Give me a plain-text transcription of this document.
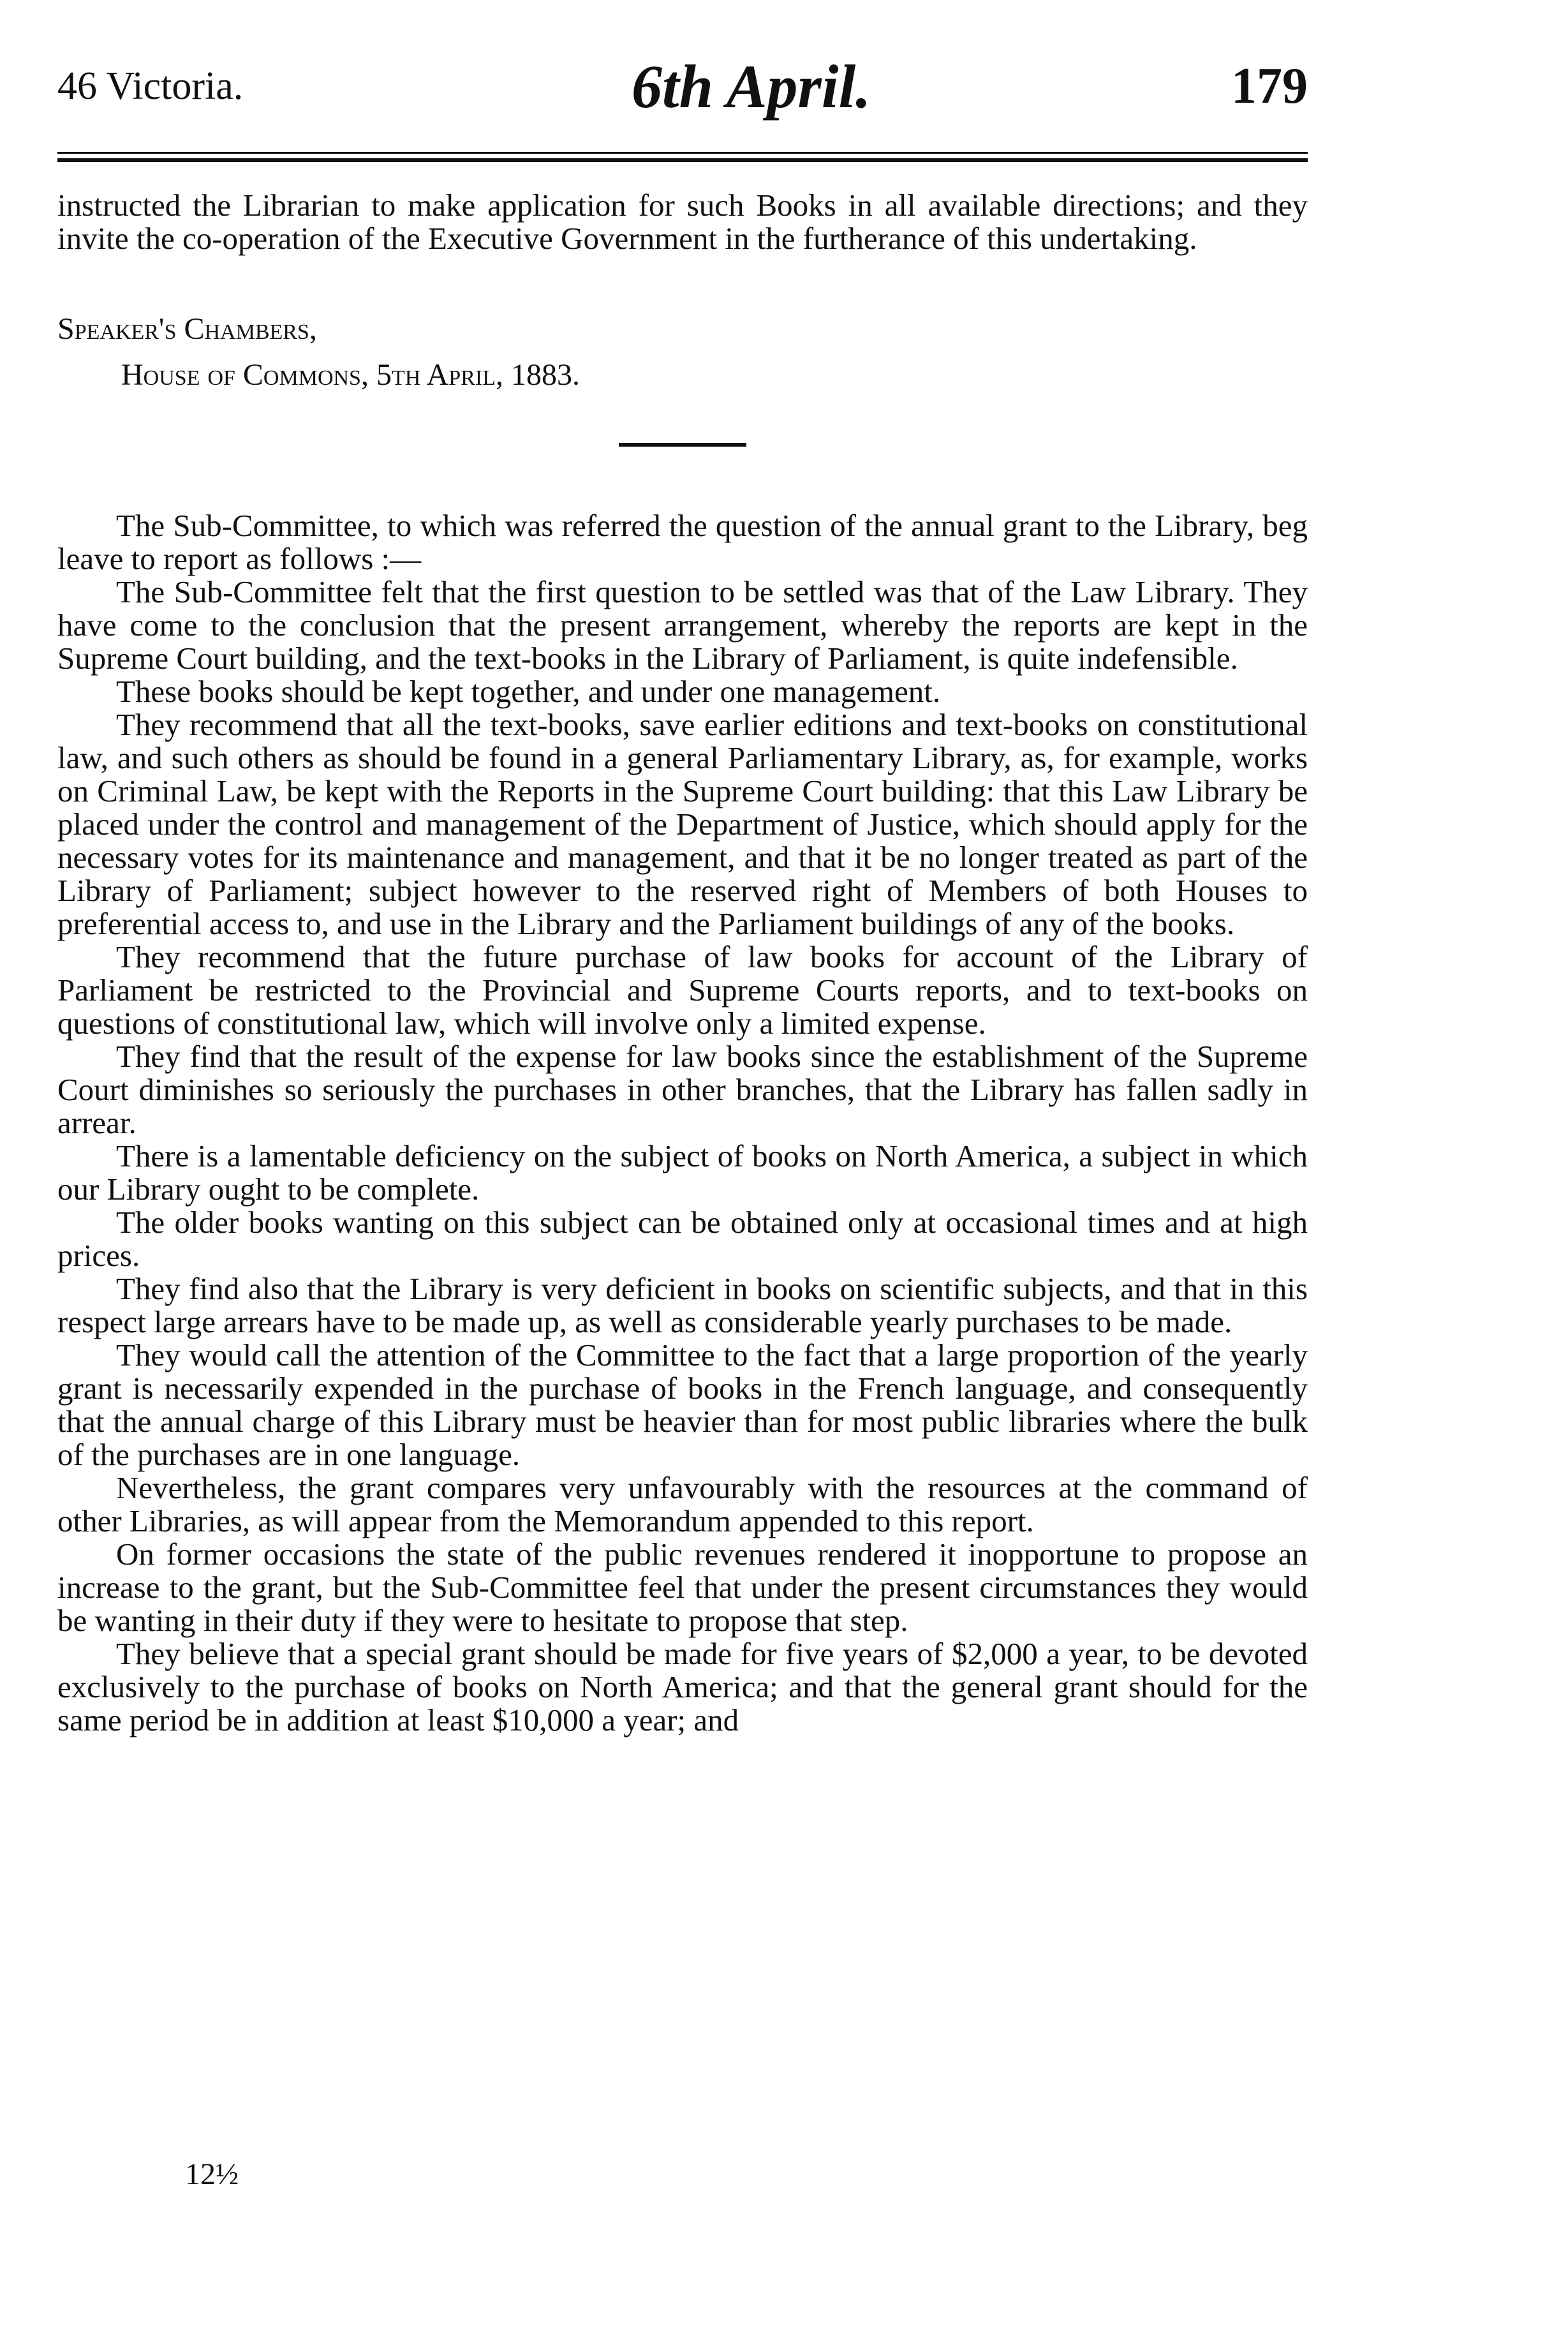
46 Victoria.	6th April.	179

instructed the Librarian to make application for such Books in all available directions; and they invite the co-operation of the Executive Government in the furtherance of this undertaking.

Speaker's Chambers,
House of Commons, 5th April, 1883.

The Sub-Committee, to which was referred the question of the annual grant to the Library, beg leave to report as follows :—

The Sub-Committee felt that the first question to be settled was that of the Law Library. They have come to the conclusion that the present arrangement, whereby the reports are kept in the Supreme Court building, and the text-books in the Library of Parliament, is quite indefensible.

These books should be kept together, and under one management.

They recommend that all the text-books, save earlier editions and text-books on constitutional law, and such others as should be found in a general Parliamentary Library, as, for example, works on Criminal Law, be kept with the Reports in the Supreme Court building: that this Law Library be placed under the control and management of the Department of Justice, which should apply for the necessary votes for its maintenance and management, and that it be no longer treated as part of the Library of Parliament; subject however to the reserved right of Members of both Houses to preferential access to, and use in the Library and the Parliament buildings of any of the books.

They recommend that the future purchase of law books for account of the Library of Parliament be restricted to the Provincial and Supreme Courts reports, and to text-books on questions of constitutional law, which will involve only a limited expense.

They find that the result of the expense for law books since the establishment of the Supreme Court diminishes so seriously the purchases in other branches, that the Library has fallen sadly in arrear.

There is a lamentable deficiency on the subject of books on North America, a subject in which our Library ought to be complete.

The older books wanting on this subject can be obtained only at occasional times and at high prices.

They find also that the Library is very deficient in books on scientific subjects, and that in this respect large arrears have to be made up, as well as considerable yearly purchases to be made.

They would call the attention of the Committee to the fact that a large proportion of the yearly grant is necessarily expended in the purchase of books in the French language, and consequently that the annual charge of this Library must be heavier than for most public libraries where the bulk of the purchases are in one language.

Nevertheless, the grant compares very unfavourably with the resources at the command of other Libraries, as will appear from the Memorandum appended to this report.

On former occasions the state of the public revenues rendered it inopportune to propose an increase to the grant, but the Sub-Committee feel that under the present circumstances they would be wanting in their duty if they were to hesitate to propose that step.

They believe that a special grant should be made for five years of $2,000 a year, to be devoted exclusively to the purchase of books on North America; and that the general grant should for the same period be in addition at least $10,000 a year; and

12½
